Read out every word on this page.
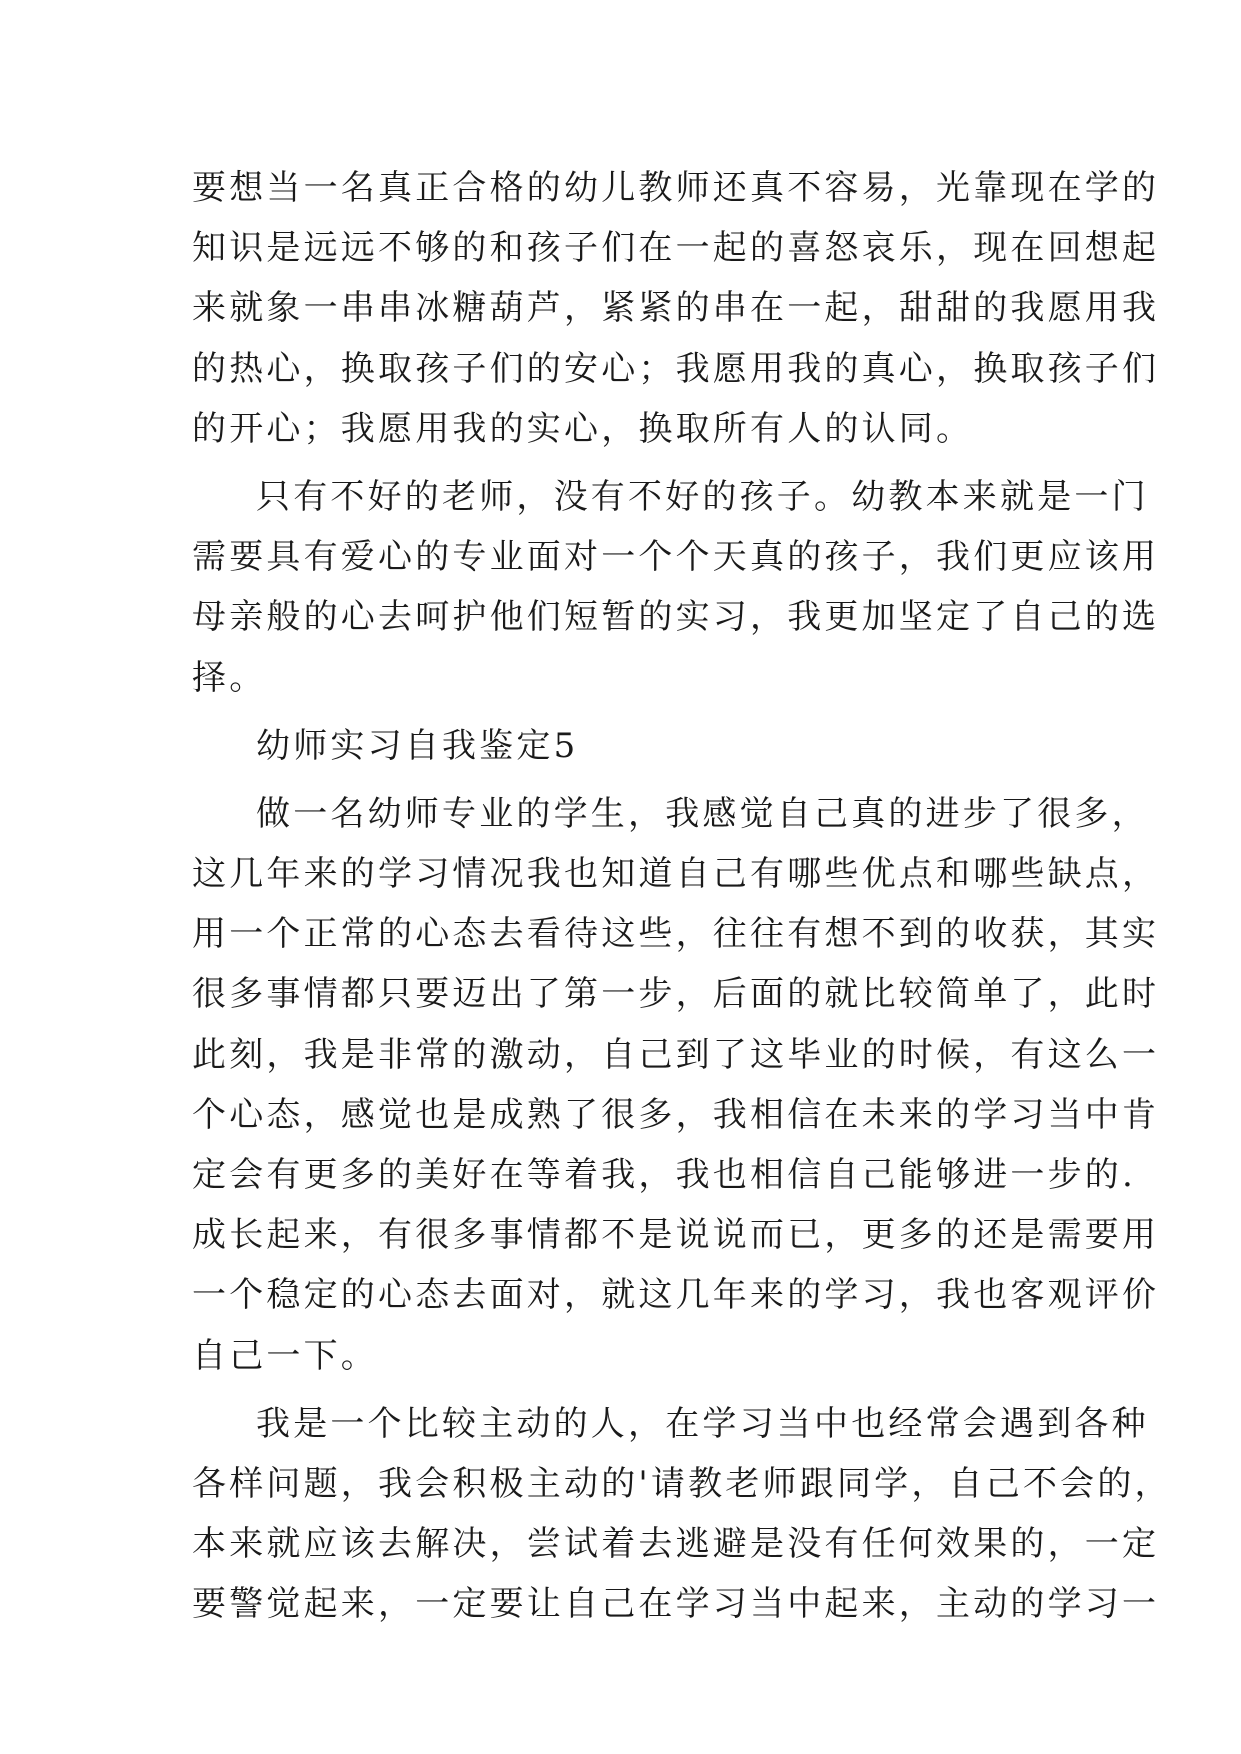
要想当一名真正合格的幼儿教师还真不容易，光靠现在学的
知识是远远不够的和孩子们在一起的喜怒哀乐，现在回想起
来就象一串串冰糖葫芦，紧紧的串在一起，甜甜的我愿用我
的热心，换取孩子们的安心；我愿用我的真心，换取孩子们
的开心；我愿用我的实心，换取所有人的认同。
只有不好的老师，没有不好的孩子。幼教本来就是一门
需要具有爱心的专业面对一个个天真的孩子，我们更应该用
母亲般的心去呵护他们短暂的实习，我更加坚定了自己的选
择。
幼师实习自我鉴定5
做一名幼师专业的学生，我感觉自己真的进步了很多，
这几年来的学习情况我也知道自己有哪些优点和哪些缺点，
用一个正常的心态去看待这些，往往有想不到的收获，其实
很多事情都只要迈出了第一步，后面的就比较简单了，此时
此刻，我是非常的激动，自己到了这毕业的时候，有这么一
个心态，感觉也是成熟了很多，我相信在未来的学习当中肯
定会有更多的美好在等着我，我也相信自己能够进一步的.
成长起来，有很多事情都不是说说而已，更多的还是需要用
一个稳定的心态去面对，就这几年来的学习，我也客观评价
自己一下。
我是一个比较主动的人，在学习当中也经常会遇到各种
各样问题，我会积极主动的'请教老师跟同学，自己不会的，
本来就应该去解决，尝试着去逃避是没有任何效果的，一定
要警觉起来，一定要让自己在学习当中起来，主动的学习一
